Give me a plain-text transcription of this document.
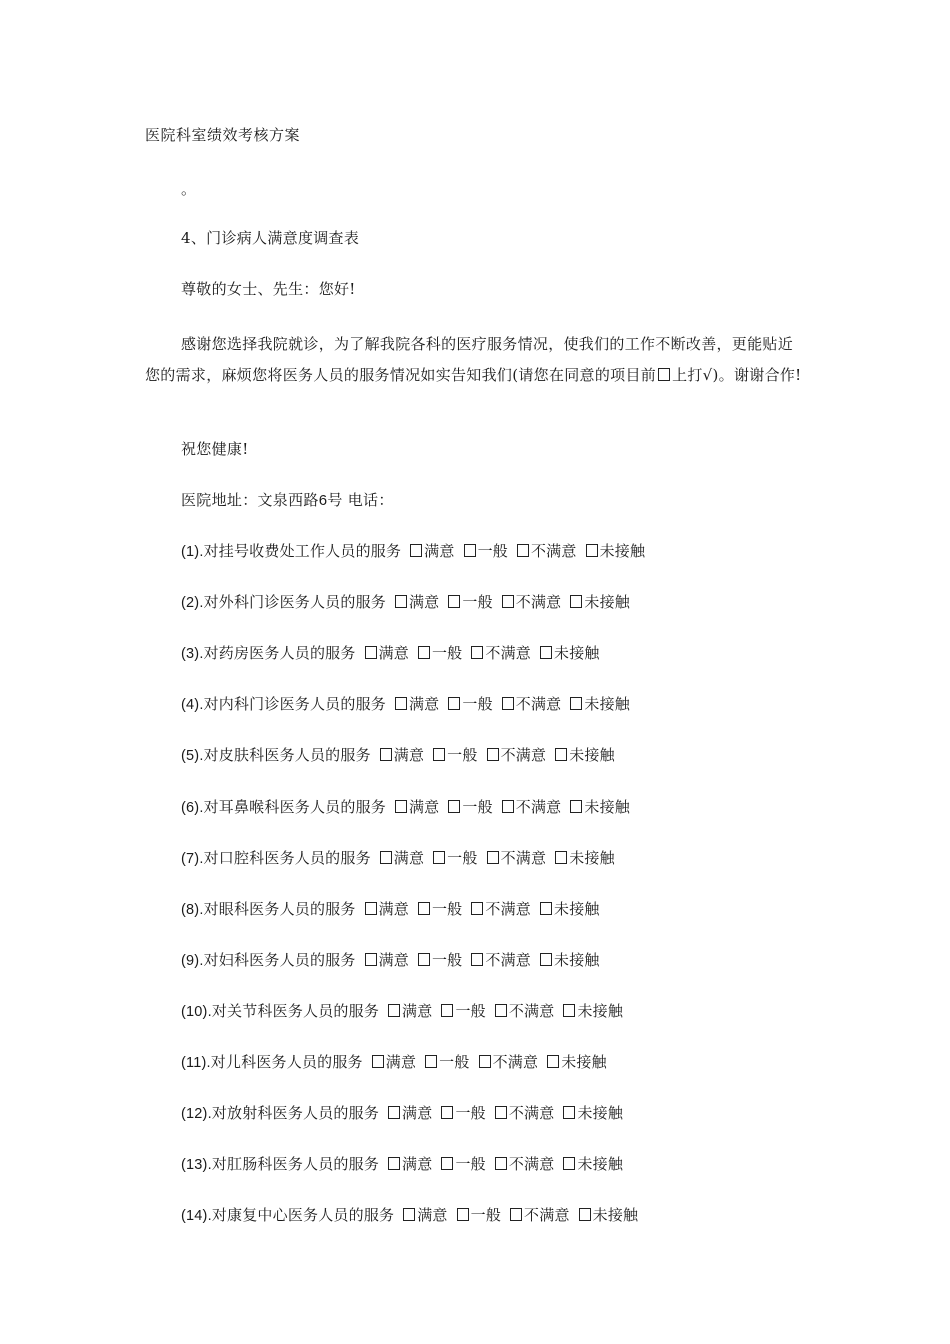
医院科室绩效考核方案
。
4、门诊病人满意度调查表
尊敬的女士、先生：您好!
感谢您选择我院就诊，为了解我院各科的医疗服务情况，使我们的工作不断改善，更能贴近您的需求，麻烦您将医务人员的服务情况如实告知我们(请您在同意的项目前 上打√)。谢谢合作!
祝您健康!
医院地址：文泉西路6号 电话：
(1).对挂号收费处工作人员的服务 满意 一般 不满意 未接触
(2).对外科门诊医务人员的服务 满意 一般 不满意 未接触
(3).对药房医务人员的服务 满意 一般 不满意 未接触
(4).对内科门诊医务人员的服务 满意 一般 不满意 未接触
(5).对皮肤科医务人员的服务 满意 一般 不满意 未接触
(6).对耳鼻喉科医务人员的服务 满意 一般 不满意 未接触
(7).对口腔科医务人员的服务 满意 一般 不满意 未接触
(8).对眼科医务人员的服务 满意 一般 不满意 未接触
(9).对妇科医务人员的服务 满意 一般 不满意 未接触
(10).对关节科医务人员的服务 满意 一般 不满意 未接触
(11).对儿科医务人员的服务 满意 一般 不满意 未接触
(12).对放射科医务人员的服务 满意 一般 不满意 未接触
(13).对肛肠科医务人员的服务 满意 一般 不满意 未接触
(14).对康复中心医务人员的服务 满意 一般 不满意 未接触
